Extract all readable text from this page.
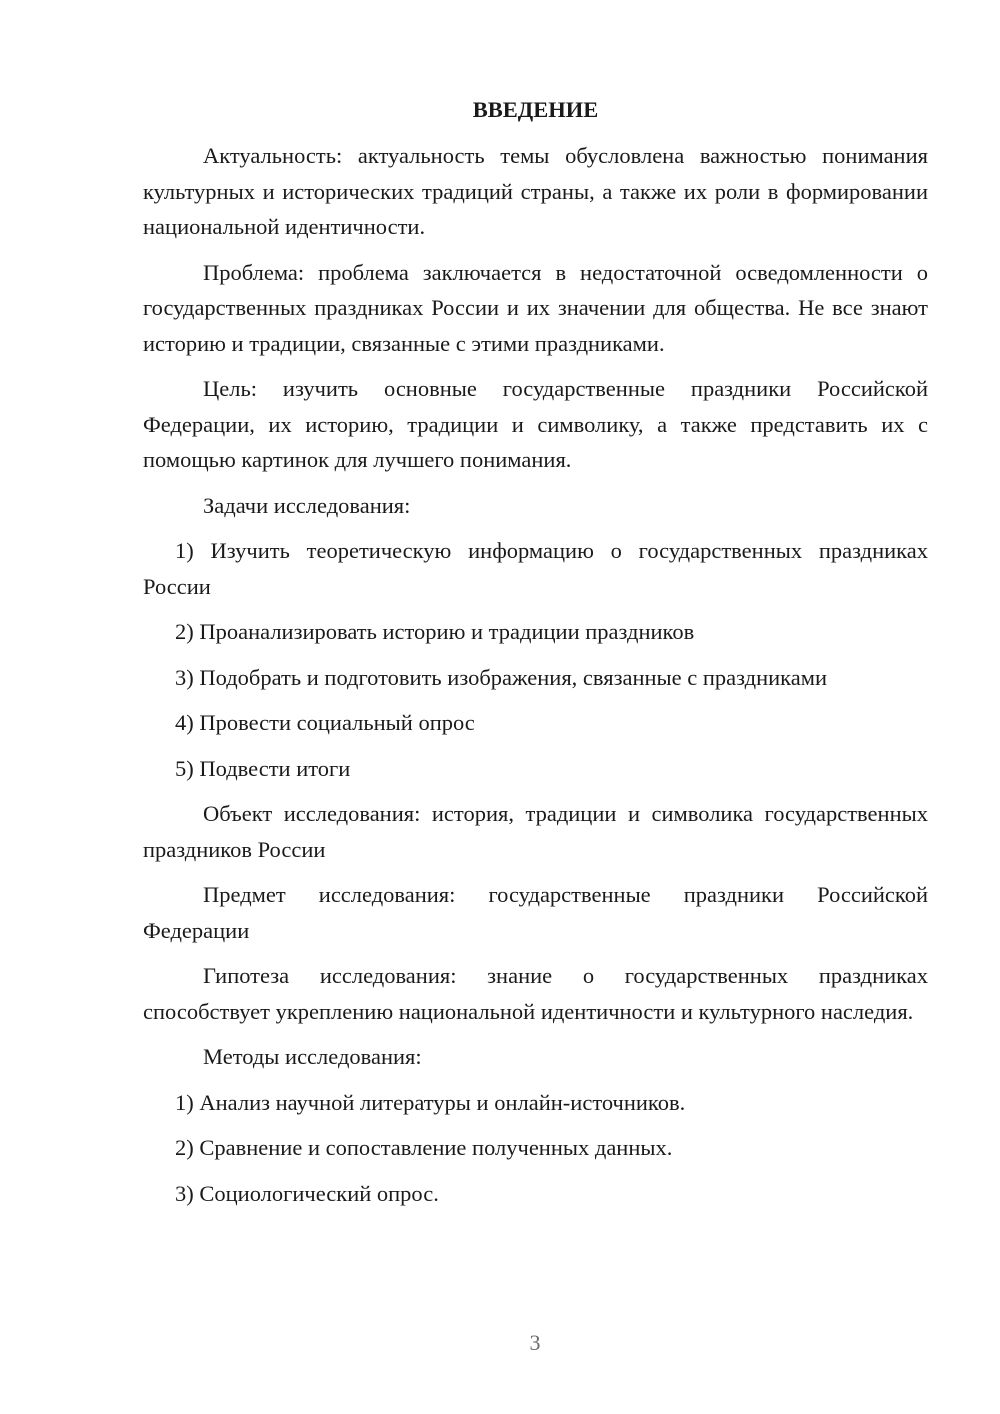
ВВЕДЕНИЕ
Актуальность: актуальность темы обусловлена важностью понимания культурных и исторических традиций страны, а также их роли в формировании национальной идентичности.
Проблема: проблема заключается в недостаточной осведомленности о государственных праздниках России и их значении для общества. Не все знают историю и традиции, связанные с этими праздниками.
Цель: изучить основные государственные праздники Российской Федерации, их историю, традиции и символику, а также представить их с помощью картинок для лучшего понимания.
Задачи исследования:
1) Изучить теоретическую информацию о государственных праздниках России
2) Проанализировать историю и традиции праздников
3) Подобрать и подготовить изображения, связанные с праздниками
4) Провести социальный опрос
5) Подвести итоги
Объект исследования: история, традиции и символика государственных праздников России
Предмет исследования: государственные праздники Российской Федерации
Гипотеза исследования: знание о государственных праздниках способствует укреплению национальной идентичности и культурного наследия.
Методы исследования:
1) Анализ научной литературы и онлайн-источников.
2) Сравнение и сопоставление полученных данных.
3) Социологический опрос.
3
